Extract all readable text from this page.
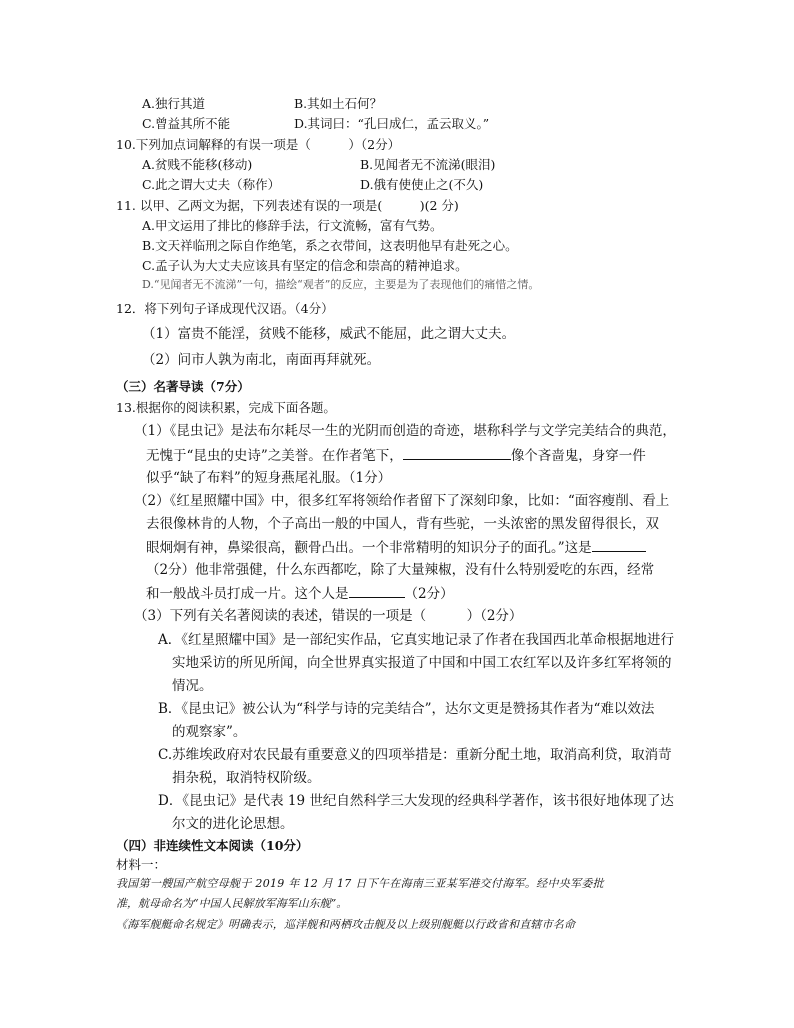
A.独行其道	B.其如土石何？
C.曾益其所不能	D.其词曰：“孔曰成仁，孟云取义。”
10.下列加点词解释的有误一项是（　　　）（2分）
A.贫贱不能移(移动)	B.见闻者无不流涕(眼泪)
C.此之谓大丈夫（称作）	D.俄有使使止之(不久)
11. 以甲、乙两文为据，下列表述有误的一项是(　　　)(2 分)
A.甲文运用了排比的修辞手法，行文流畅，富有气势。
B.文天祥临刑之际自作绝笔，系之衣带间，这表明他早有赴死之心。
C.孟子认为大丈夫应该具有坚定的信念和崇高的精神追求。
D.“见闻者无不流涕”一句，描绘“观者”的反应，主要是为了表现他们的痛惜之情。
12．将下列句子译成现代汉语。（4分）
（1）富贵不能淫，贫贱不能移，威武不能屈，此之谓大丈夫。
（2）问市人孰为南北，南面再拜就死。
（三）名著导读（7分）
13.根据你的阅读积累，完成下面各题。
（1）《昆虫记》是法布尔耗尽一生的光阴而创造的奇迹，堪称科学与文学完美结合的典范，
无愧于“昆虫的史诗”之美誉。在作者笔下，	像个吝啬鬼，身穿一件
似乎“缺了布料”的短身燕尾礼服。（1分）
（2）《红星照耀中国》中，很多红军将领给作者留下了深刻印象，比如：“面容瘦削、看上
去很像林肯的人物，个子高出一般的中国人，背有些驼，一头浓密的黑发留得很长，双
眼炯炯有神，鼻梁很高，颧骨凸出。一个非常精明的知识分子的面孔。”这是
（2分）他非常强健，什么东西都吃，除了大量辣椒，没有什么特别爱吃的东西，经常
和一般战斗员打成一片。这个人是	（2分）
（3）下列有关名著阅读的表述，错误的一项是（　　　）（2分）
A．《红星照耀中国》是一部纪实作品，它真实地记录了作者在我国西北革命根据地进行
实地采访的所见所闻，向全世界真实报道了中国和中国工农红军以及许多红军将领的
情况。
B．《昆虫记》被公认为“科学与诗的完美结合”，达尔文更是赞扬其作者为“难以效法
的观察家”。
C.苏维埃政府对农民最有重要意义的四项举措是：重新分配土地，取消高利贷，取消苛
捐杂税，取消特权阶级。
D．《昆虫记》是代表 19 世纪自然科学三大发现的经典科学著作，该书很好地体现了达
尔文的进化论思想。
（四）非连续性文本阅读（10分）
材料一：
我国第一艘国产航空母舰于 2019 年 12 月 17 日下午在海南三亚某军港交付海军。经中央军委批
准，航母命名为“中国人民解放军海军山东舰”。
《海军舰艇命名规定》明确表示，巡洋舰和两栖攻击舰及以上级别舰艇以行政省和直辖市名命
